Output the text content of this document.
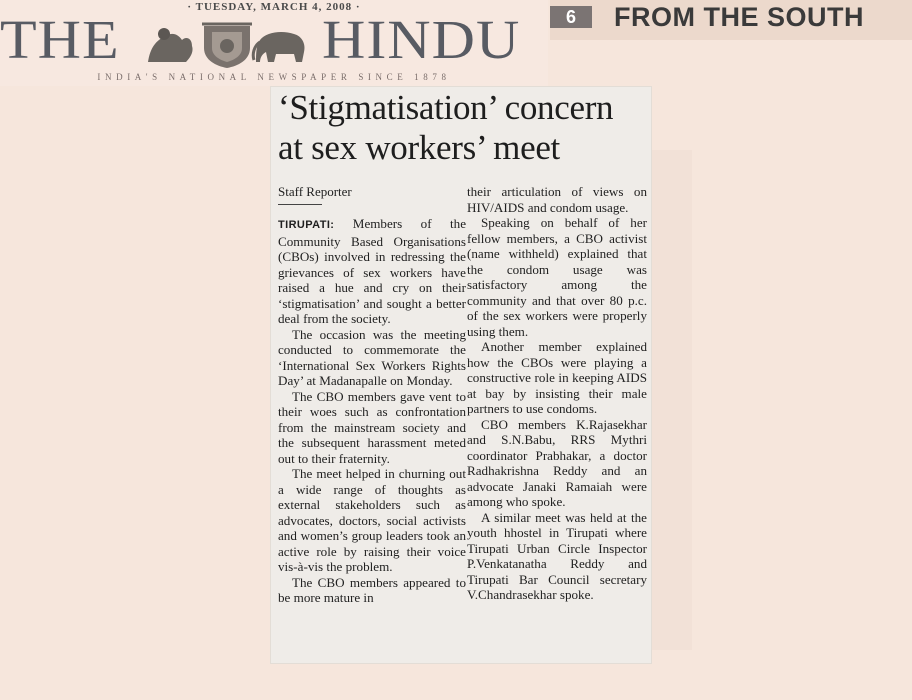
· TUESDAY, MARCH 4, 2008 ·
THE	HINDU
INDIA'S NATIONAL NEWSPAPER SINCE 1878
6	FROM THE SOUTH
‘Stigmatisation’ concern
at sex workers’ meet
Staff Reporter

TIRUPATI: Members of the Community Based Organisations (CBOs) involved in redressing the grievances of sex workers have raised a hue and cry on their ‘stigmatisation’ and sought a better deal from the society.

The occasion was the meeting conducted to commemorate the ‘International Sex Workers Rights Day’ at Madanapalle on Monday.

The CBO members gave vent to their woes such as confrontation from the mainstream society and the subsequent harassment meted out to their fraternity.

The meet helped in churning out a wide range of thoughts as external stakeholders such as advocates, doctors, social activists and women’s group leaders took an active role by raising their voice vis-à-vis the problem.

The CBO members appeared to be more mature in

their articulation of views on HIV/AIDS and condom usage.

Speaking on behalf of her fellow members, a CBO activist (name withheld) explained that the condom usage was satisfactory among the community and that over 80 p.c. of the sex workers were properly using them.

Another member explained how the CBOs were playing a constructive role in keeping AIDS at bay by insisting their male partners to use condoms.

CBO members K.Rajasekhar and S.N.Babu, RRS Mythri coordinator Prabhakar, a doctor Radhakrishna Reddy and an advocate Janaki Ramaiah were among who spoke.

A similar meet was held at the youth hhostel in Tirupati where Tirupati Urban Circle Inspector P.Venkatanatha Reddy and Tirupati Bar Council secretary V.Chandrasekhar spoke.
